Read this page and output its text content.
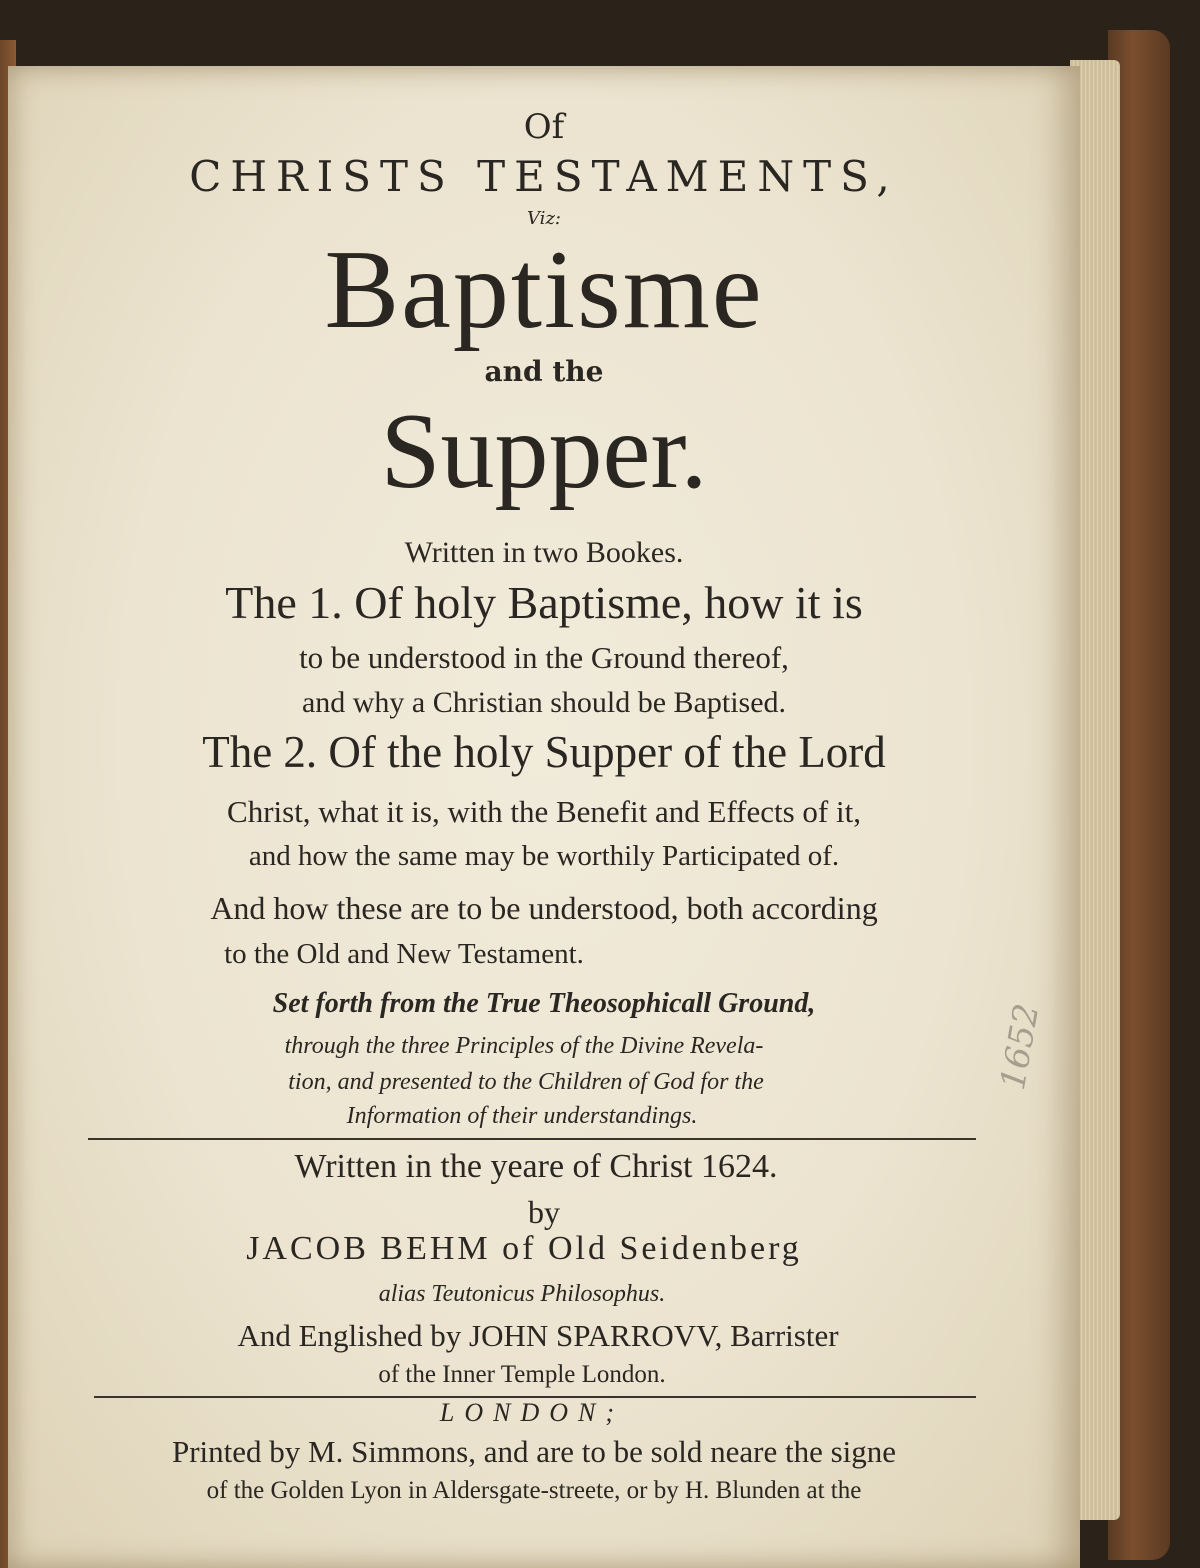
Of
CHRISTS TESTAMENTS,
Viz:
Baptisme
and the
Supper.
Written in two Bookes.
The 1. Of holy Baptisme, how it is
to be understood in the Ground thereof,
and why a Christian should be Baptised.
The 2. Of the holy Supper of the Lord
Christ, what it is, with the Benefit and Effects of it,
and how the same may be worthily Participated of.
And how these are to be understood, both according
to the Old and New Testament.
Set forth from the True Theosophicall Ground,
through the three Principles of the Divine Revela-
tion, and presented to the Children of God for the
Information of their understandings.
Written in the yeare of Christ 1624.
by
JACOB BEHM of Old Seidenberg
alias Teutonicus Philosophus.
And Englished by JOHN SPARROVV, Barrister
of the Inner Temple London.
LONDON;
Printed by M. Simmons, and are to be sold neare the signe
of the Golden Lyon in Aldersgate-streete, or by H. Blunden at the
1652
